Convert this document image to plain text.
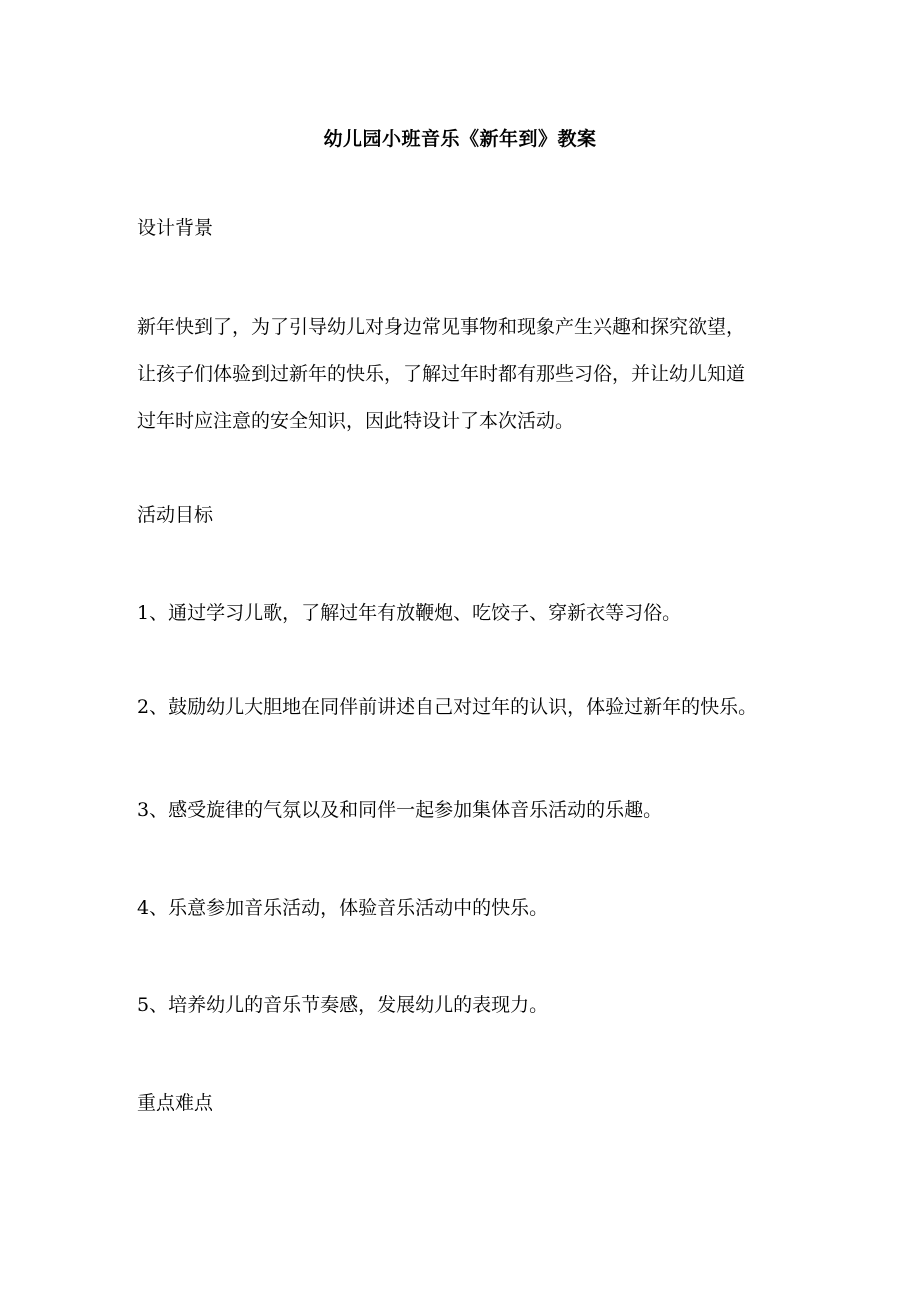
幼儿园小班音乐《新年到》教案
设计背景
新年快到了，为了引导幼儿对身边常见事物和现象产生兴趣和探究欲望，
让孩子们体验到过新年的快乐，了解过年时都有那些习俗，并让幼儿知道
过年时应注意的安全知识，因此特设计了本次活动。
活动目标
1、通过学习儿歌，了解过年有放鞭炮、吃饺子、穿新衣等习俗。
2、鼓励幼儿大胆地在同伴前讲述自己对过年的认识，体验过新年的快乐。
3、感受旋律的气氛以及和同伴一起参加集体音乐活动的乐趣。
4、乐意参加音乐活动，体验音乐活动中的快乐。
5、培养幼儿的音乐节奏感，发展幼儿的表现力。
重点难点
